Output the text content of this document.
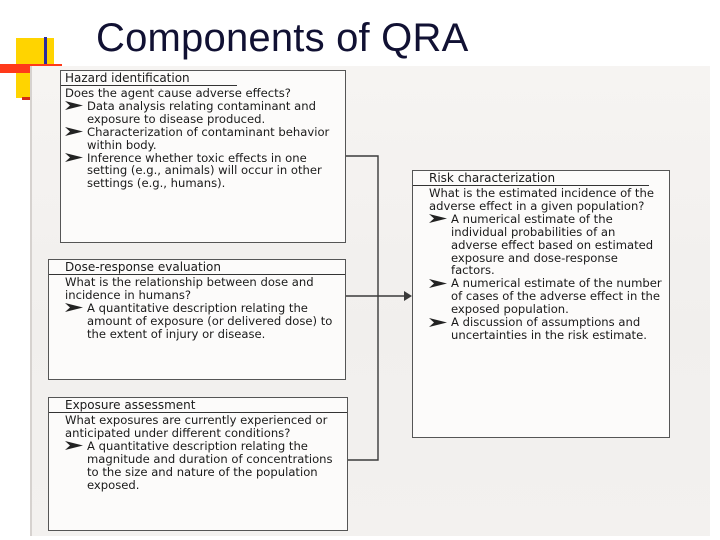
Components of QRA
Hazard identification
Does the agent cause adverse effects?
Data analysis relating contaminant and exposure to disease produced.
Characterization of contaminant behavior within body.
Inference whether toxic effects in one setting (e.g., animals) will occur in other settings (e.g., humans).
Dose-response evaluation
What is the relationship between dose and incidence in humans?
A quantitative description relating the amount of exposure (or delivered dose) to the extent of injury or disease.
Exposure assessment
What exposures are currently experienced or anticipated under different conditions?
A quantitative description relating the magnitude and duration of concentrations to the size and nature of the population exposed.
Risk characterization
What is the estimated incidence of the adverse effect in a given population?
A numerical estimate of the individual probabilities of an adverse effect based on estimated exposure and dose-response factors.
A numerical estimate of the number of cases of the adverse effect in the exposed population.
A discussion of assumptions and uncertainties in the risk estimate.
